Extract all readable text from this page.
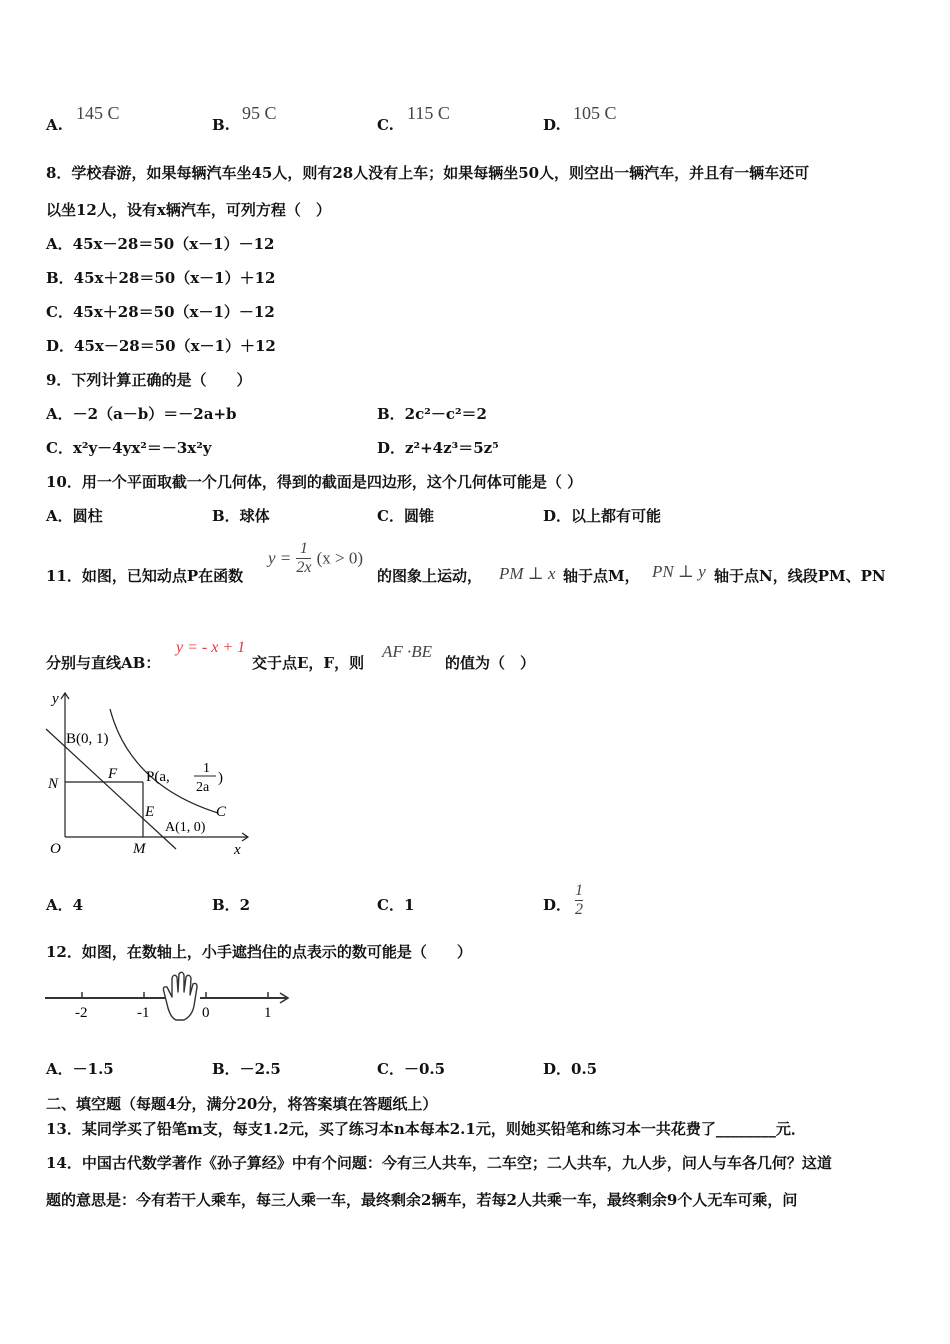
A.
145 C
B.
95 C
C.
115 C
D.
105 C
8．学校春游，如果每辆汽车坐45人，则有28人没有上车；如果每辆坐50人，则空出一辆汽车，并且有一辆车还可
以坐12人，设有x辆汽车，可列方程（　）
A．45x－28＝50（x－1）－12
B．45x＋28＝50（x－1）＋12
C．45x＋28＝50（x－1）－12
D．45x－28＝50（x－1）＋12
9．下列计算正确的是（　　）
A．－2（a－b）＝－2a+b	B．2c²－c²＝2
C．x²y－4yx²＝－3x²y	D．z²+4z³＝5z⁵
10．用一个平面取截一个几何体，得到的截面是四边形，这个几何体可能是（ ）
A．圆柱	B．球体	C．圆锥	D．以上都有可能
11．如图，已知动点P在函数
$y = \frac{1}{2x} (x > 0)$
的图象上运动， PM ⊥ x 轴于点M， PN ⊥ y 轴于点N，线段PM、PN
分别与直线AB：
y = - x + 1
交于点E，F，则
AF ·BE
的值为（　）
y
x
O
B(0, 1)
N
F P(a,
1
2a
)
E	C
A(1, 0)
M
A．4	B．2	C．1	D． $\frac{1}{2}$
12．如图，在数轴上，小手遮挡住的点表示的数可能是（　　）
-2	-1	0	1
A．－1.5	B．－2.5	C．－0.5	D．0.5
二、填空题（每题4分，满分20分，将答案填在答题纸上）
13．某同学买了铅笔m支，每支1.2元，买了练习本n本每本2.1元，则她买铅笔和练习本一共花费了________元．
14．中国古代数学著作《孙子算经》中有个问题：今有三人共车，二车空；二人共车，九人步，问人与车各几何？这道
题的意思是：今有若干人乘车，每三人乘一车，最终剩余2辆车，若每2人共乘一车，最终剩余9个人无车可乘，问
